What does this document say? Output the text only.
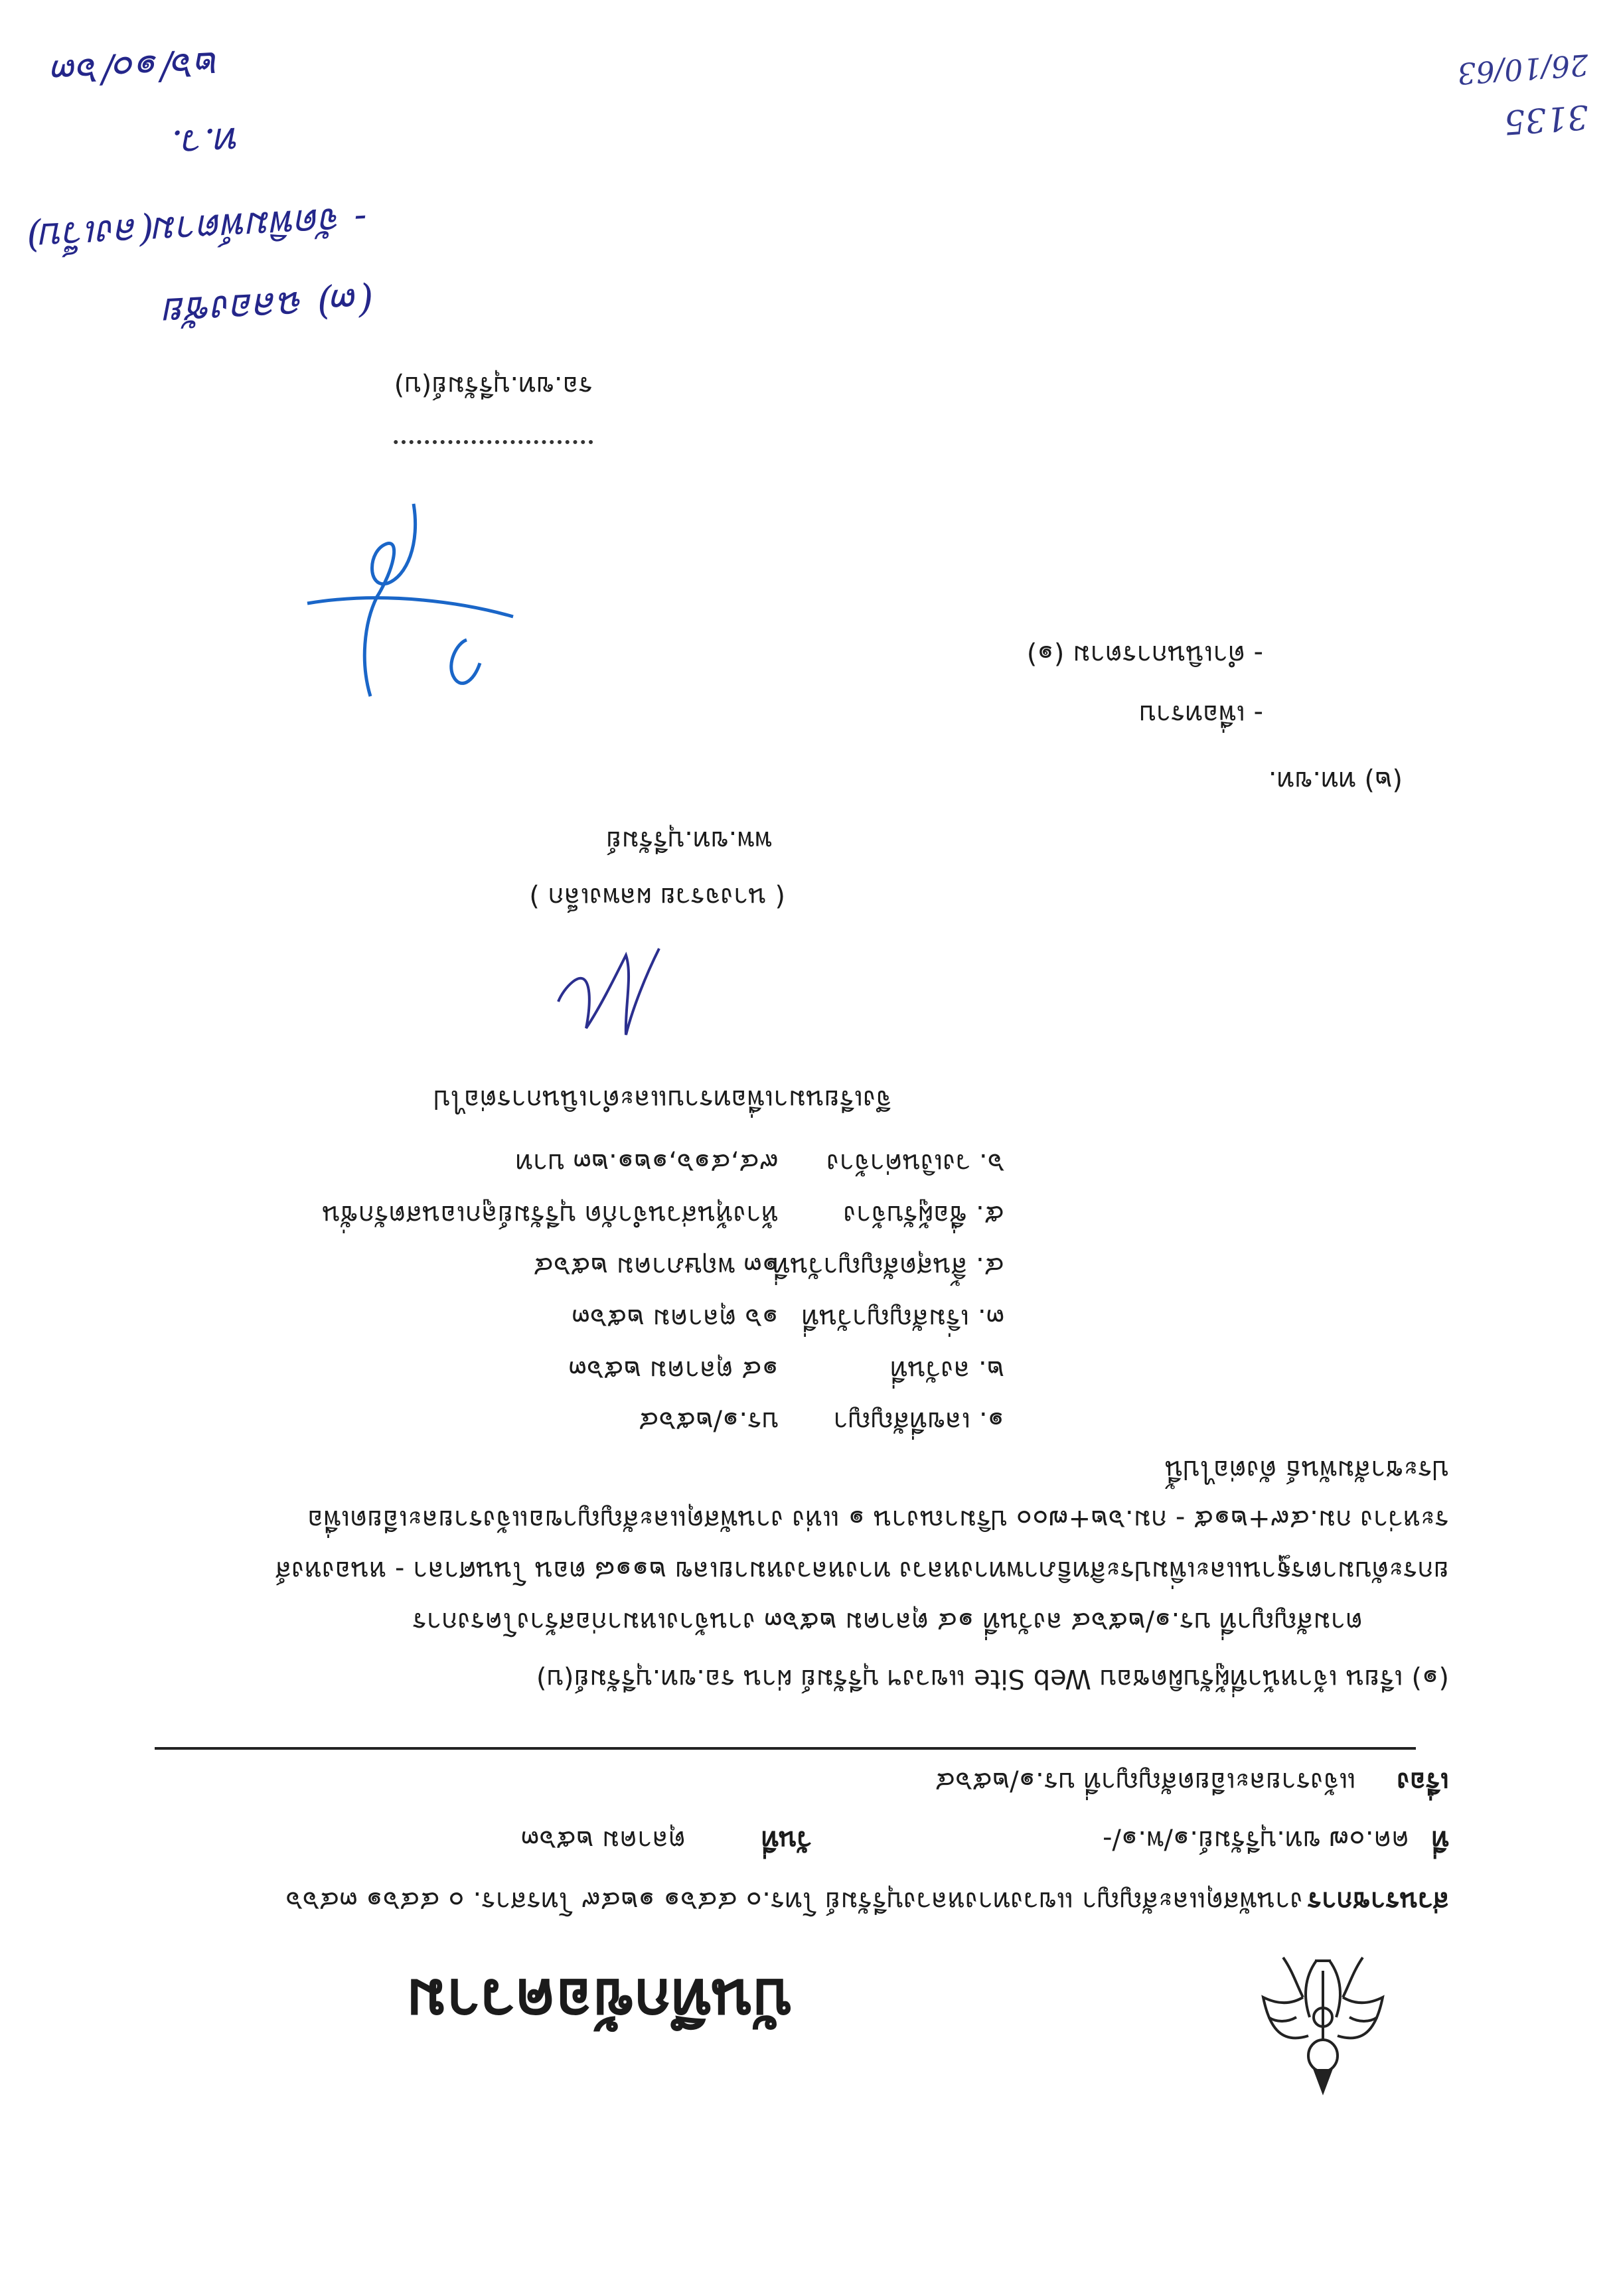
บันทึกข้อความ
ส่วนราชการ
งานพัสดุและสัญญา แขวงทางหลวงบุรีรัมย์ โทร.๐ ๔๔๖๑ ๑๒๔๙ โทรสาร. ๐ ๔๔๖๑ ๓๔๖๖
ที่
คค.๐๗ ขท.บุรีรัมย์.๑/พ.๑/-
วันที่
ตุลาคม ๒๕๖๓
เรื่อง
แจ้งรายละเอียดสัญญาที่ บร.๑/๒๕๖๔
(๑) เรียน เจ้าหน้าที่ผู้รับผิดชอบ Web Site แขวงฯ บุรีรัมย์ ผ่าน รอ.ขท.บุรีรัมย์(บ)
ตามสัญญาที่ บร.๑/๒๕๖๔ ลงวันที่ ๑๔ ตุลาคม ๒๕๖๓ งานจ้างเหมาก่อสร้างโครงการ
ยกระดับมาตรฐานและเพิ่มประสิทธิภาพทางหลวง ทางหลวงหมายเลข ๒๑๑๘ ตอน โนนศาลา - หนองหงส์
ระหว่าง กม.๔๙+๒๑๕ - กม.๖๒+๗๐๐ ปริมาณงาน ๑ แห่ง งานพัสดุและสัญญาขอแจ้งรายละเอียดเพื่อ
ประชาสัมพันธ์ ดังต่อไปนี้
๑. เลขที่สัญญา
บร.๑/๒๕๖๔
๒. ลงวันที่
๑๔ ตุลาคม ๒๕๖๓
๓. เริ่มสัญญาวันที่
๑๖ ตุลาคม ๒๕๖๓
๔. สิ้นสุดสัญญาวันที่
๑๓ พฤษภาคม ๒๕๖๔
๕. ชื่อผู้รับจ้าง
ห้างหุ้นส่วนจำกัด บุรีรัมย์ลูกเอนสตรักชั่น
๖. วงเงินค่าจ้าง
๙๔,๔๑๖,๑๒๑.๒๓ บาท
จึงเรียนมาเพื่อทราบและดำเนินการต่อไป
( นางจรวย ผลพงเล็ก )
พพ.ขท.บุรีรัมย์
(๒) ทท.ขท.
- เพื่อทราบ
- ดำเนินการตาม (๑)
รอ.ขท.บุรีรัมย์(บ)
(๓) ฉลองชัย
- จัดพิมพ์ตาม(ลงเว็บ)
ท.ว.
๒๖/๑๐/๖๓
3135
26/10/63
